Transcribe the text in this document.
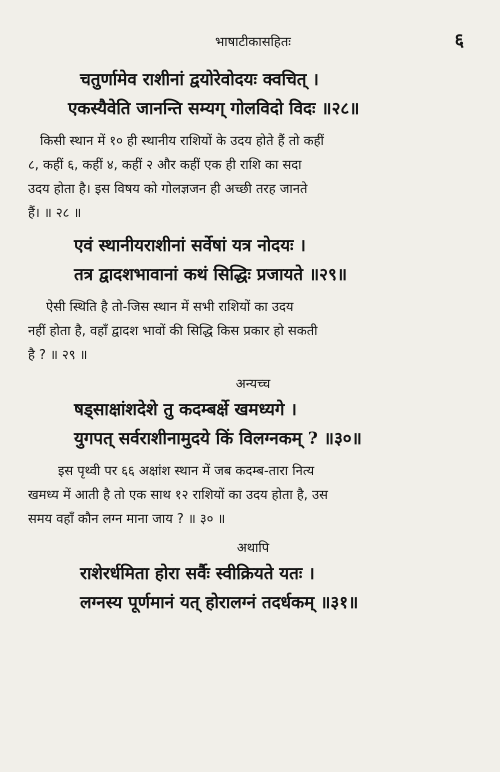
भाषाटीकासहितः	६
चतुर्णामेव राशीनां द्वयोरेवोदयः क्वचित् ।
एकस्यैवेति जानन्ति सम्यग् गोलविदो विदः ॥२८॥
किसी स्थान में १० ही स्थानीय राशियों के उदय होते हैं तो कहीं
८, कहीं ६, कहीं ४, कहीं २ और कहीं एक ही राशि का सदा
उदय होता है। इस विषय को गोलज्ञजन ही अच्छी तरह जानते
हैं। ॥ २८ ॥
एवं स्थानीयराशीनां सर्वेषां यत्र नोदयः ।
तत्र द्वादशभावानां कथं सिद्धिः प्रजायते ॥२९॥
ऐसी स्थिति है तो-जिस स्थान में सभी राशियों का उदय
नहीं होता है, वहाँ द्वादश भावों की सिद्धि किस प्रकार हो सकती
है ? ॥ २९ ॥
अन्यच्च
षड्साक्षांशदेशे तु कदम्बर्क्षे खमध्यगे ।
युगपत् सर्वराशीनामुदये किं विलग्नकम् ? ॥३०॥
इस पृथ्वी पर ६६ अक्षांश स्थान में जब कदम्ब-तारा नित्य
खमध्य में आती है तो एक साथ १२ राशियों का उदय होता है, उस
समय वहाँ कौन लग्न माना जाय ? ॥ ३० ॥
अथापि
राशेरर्धमिता होरा सर्वैः स्वीक्रियते यतः ।
लग्नस्य पूर्णमानं यत् होरालग्नं तदर्धकम् ॥३१॥
